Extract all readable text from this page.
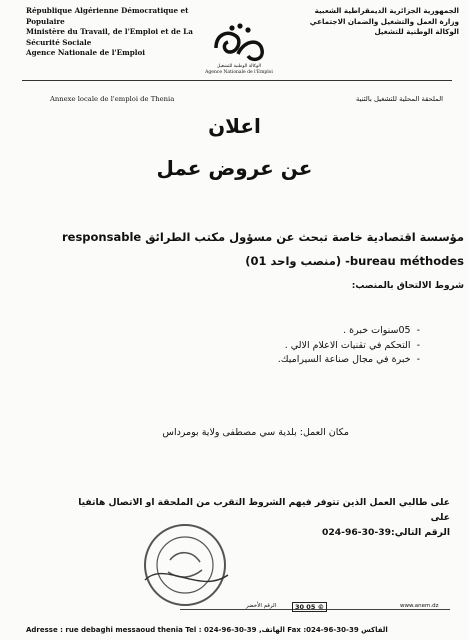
République Algérienne Démocratique et Populaire
Ministère du Travail, de l'Emploi et de La Sécurité Sociale
Agence Nationale de l'Emploi
الجمهورية الجزائرية الديمقراطية الشعبية
وزارة العمل والتشغيل والضمان الاجتماعي
الوكالة الوطنية للتشغيل
الوكالة الوطنية للتشغيل
Agence Nationale de l'Emploi
Annexe locale de l'emploi de Thenia	الملحقة المحلية للتشغيل بالثنية
اعلان
عن عروض عمل
مؤسسة اقتصادية خاصة تبحث عن مسؤول مكتب الطرائق responsable
bureau méthodes- (منصب واحد 01)
شروط الالتحاق بالمنصب:
- 05سنوات خبرة .
- التحكم في تقنيات الاعلام الالي .
- خبرة في مجال صناعة السيراميك.
مكان العمل: بلدية سي مصطفى ولاية بومرداس
على طالبي العمل الذين تتوفر فيهم الشروط التقرب من الملحقة او الاتصال هاتفيا على
الرقم التالي:39-30-96-024
الرقم الأخضر	30 05 ©	www.anem.dz
Adresse : rue debaghi messaoud thenia Tel : 024-96-30-39 ,الهاتف Fax :024-96-30-39 الفاكس
